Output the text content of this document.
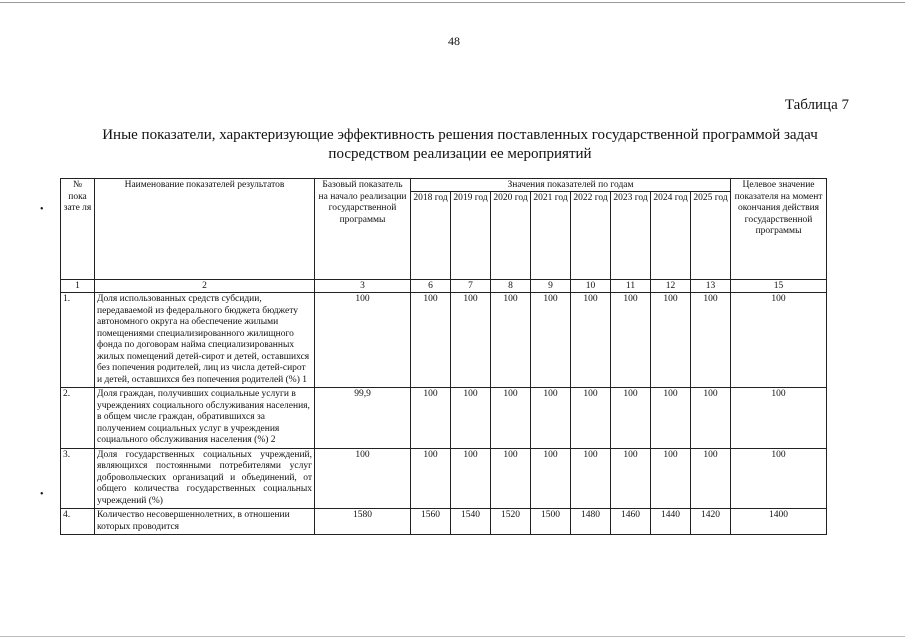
48
Таблица 7
Иные показатели, характеризующие эффективность решения поставленных государственной программой задач
посредством реализации ее мероприятий
•
•
№ пока зате ля	Наименование показателей результатов	Базовый показатель на начало реализации государственной программы	Значения показателей по годам								Целевое значение показателя на момент окончания действия государственной программы
			2018 год	2019 год	2020 год	2021 год	2022 год	2023 год	2024 год	2025 год	
1	2	3	6	7	8	9	10	11	12	13	15
1.	Доля использованных средств субсидии, передаваемой из федерального бюджета бюджету автономного округа на обеспечение жилыми помещениями специализированного жилищного фонда по договорам найма специализированных жилых помещений детей-сирот и детей, оставшихся без попечения родителей, лиц из числа детей-сирот и детей, оставшихся без попечения родителей (%) 1	100	100	100	100	100	100	100	100	100	100
2.	Доля граждан, получивших социальные услуги в учреждениях социального обслуживания населения, в общем числе граждан, обратившихся за получением социальных услуг в учреждения социального обслуживания населения (%) 2	99,9	100	100	100	100	100	100	100	100	100
3.	Доля государственных социальных учреждений, являющихся постоянными потребителями услуг добровольческих организаций и объединений, от общего количества государственных социальных учреждений (%)	100	100	100	100	100	100	100	100	100	100
4.	Количество несовершеннолетних, в отношении которых проводится	1580	1560	1540	1520	1500	1480	1460	1440	1420	1400
